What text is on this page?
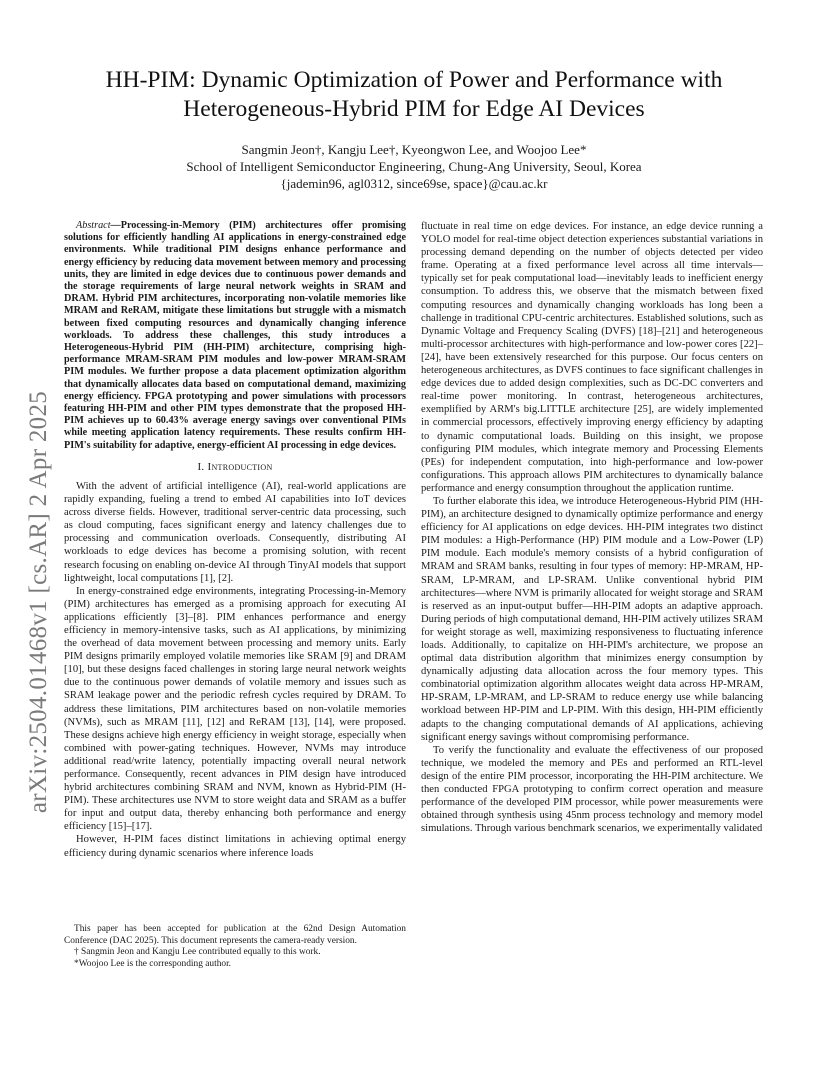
arXiv:2504.01468v1 [cs.AR] 2 Apr 2025
HH-PIM: Dynamic Optimization of Power and Performance with
Heterogeneous-Hybrid PIM for Edge AI Devices
Sangmin Jeon†, Kangju Lee†, Kyeongwon Lee, and Woojoo Lee*
School of Intelligent Semiconductor Engineering, Chung-Ang University, Seoul, Korea
{jademin96, agl0312, since69se, space}@cau.ac.kr

Abstract—Processing-in-Memory (PIM) architectures offer promising solutions for efficiently handling AI applications in energy-constrained edge environments. While traditional PIM designs enhance performance and energy efficiency by reducing data movement between memory and processing units, they are limited in edge devices due to continuous power demands and the storage requirements of large neural network weights in SRAM and DRAM. Hybrid PIM architectures, incorporating non-volatile memories like MRAM and ReRAM, mitigate these limitations but struggle with a mismatch between fixed computing resources and dynamically changing inference workloads. To address these challenges, this study introduces a Heterogeneous-Hybrid PIM (HH-PIM) architecture, comprising high-performance MRAM-SRAM PIM modules and low-power MRAM-SRAM PIM modules. We further propose a data placement optimization algorithm that dynamically allocates data based on computational demand, maximizing energy efficiency. FPGA prototyping and power simulations with processors featuring HH-PIM and other PIM types demonstrate that the proposed HH-PIM achieves up to 60.43% average energy savings over conventional PIMs while meeting application latency requirements. These results confirm HH-PIM's suitability for adaptive, energy-efficient AI processing in edge devices.

I. Introduction

With the advent of artificial intelligence (AI), real-world applications are rapidly expanding, fueling a trend to embed AI capabilities into IoT devices across diverse fields. However, traditional server-centric data processing, such as cloud computing, faces significant energy and latency challenges due to processing and communication overloads. Consequently, distributing AI workloads to edge devices has become a promising solution, with recent research focusing on enabling on-device AI through TinyAI models that support lightweight, local computations [1], [2].

In energy-constrained edge environments, integrating Processing-in-Memory (PIM) architectures has emerged as a promising approach for executing AI applications efficiently [3]–[8]. PIM enhances performance and energy efficiency in memory-intensive tasks, such as AI applications, by minimizing the overhead of data movement between processing and memory units. Early PIM designs primarily employed volatile memories like SRAM [9] and DRAM [10], but these designs faced challenges in storing large neural network weights due to the continuous power demands of volatile memory and issues such as SRAM leakage power and the periodic refresh cycles required by DRAM. To address these limitations, PIM architectures based on non-volatile memories (NVMs), such as MRAM [11], [12] and ReRAM [13], [14], were proposed. These designs achieve high energy efficiency in weight storage, especially when combined with power-gating techniques. However, NVMs may introduce additional read/write latency, potentially impacting overall neural network performance. Consequently, recent advances in PIM design have introduced hybrid architectures combining SRAM and NVM, known as Hybrid-PIM (H-PIM). These architectures use NVM to store weight data and SRAM as a buffer for input and output data, thereby enhancing both performance and energy efficiency [15]–[17].

However, H-PIM faces distinct limitations in achieving optimal energy efficiency during dynamic scenarios where inference loads

This paper has been accepted for publication at the 62nd Design Automation Conference (DAC 2025). This document represents the camera-ready version.

† Sangmin Jeon and Kangju Lee contributed equally to this work.

*Woojoo Lee is the corresponding author.

fluctuate in real time on edge devices. For instance, an edge device running a YOLO model for real-time object detection experiences substantial variations in processing demand depending on the number of objects detected per video frame. Operating at a fixed performance level across all time intervals—typically set for peak computational load—inevitably leads to inefficient energy consumption. To address this, we observe that the mismatch between fixed computing resources and dynamically changing workloads has long been a challenge in traditional CPU-centric architectures. Established solutions, such as Dynamic Voltage and Frequency Scaling (DVFS) [18]–[21] and heterogeneous multi-processor architectures with high-performance and low-power cores [22]–[24], have been extensively researched for this purpose. Our focus centers on heterogeneous architectures, as DVFS continues to face significant challenges in edge devices due to added design complexities, such as DC-DC converters and real-time power monitoring. In contrast, heterogeneous architectures, exemplified by ARM's big.LITTLE architecture [25], are widely implemented in commercial processors, effectively improving energy efficiency by adapting to dynamic computational loads. Building on this insight, we propose configuring PIM modules, which integrate memory and Processing Elements (PEs) for independent computation, into high-performance and low-power configurations. This approach allows PIM architectures to dynamically balance performance and energy consumption throughout the application runtime.

To further elaborate this idea, we introduce Heterogeneous-Hybrid PIM (HH-PIM), an architecture designed to dynamically optimize performance and energy efficiency for AI applications on edge devices. HH-PIM integrates two distinct PIM modules: a High-Performance (HP) PIM module and a Low-Power (LP) PIM module. Each module's memory consists of a hybrid configuration of MRAM and SRAM banks, resulting in four types of memory: HP-MRAM, HP-SRAM, LP-MRAM, and LP-SRAM. Unlike conventional hybrid PIM architectures—where NVM is primarily allocated for weight storage and SRAM is reserved as an input-output buffer—HH-PIM adopts an adaptive approach. During periods of high computational demand, HH-PIM actively utilizes SRAM for weight storage as well, maximizing responsiveness to fluctuating inference loads. Additionally, to capitalize on HH-PIM's architecture, we propose an optimal data distribution algorithm that minimizes energy consumption by dynamically adjusting data allocation across the four memory types. This combinatorial optimization algorithm allocates weight data across HP-MRAM, HP-SRAM, LP-MRAM, and LP-SRAM to reduce energy use while balancing workload between HP-PIM and LP-PIM. With this design, HH-PIM efficiently adapts to the changing computational demands of AI applications, achieving significant energy savings without compromising performance.

To verify the functionality and evaluate the effectiveness of our proposed technique, we modeled the memory and PEs and performed an RTL-level design of the entire PIM processor, incorporating the HH-PIM architecture. We then conducted FPGA prototyping to confirm correct operation and measure performance of the developed PIM processor, while power measurements were obtained through synthesis using 45nm process technology and memory model simulations. Through various benchmark scenarios, we experimentally validated
